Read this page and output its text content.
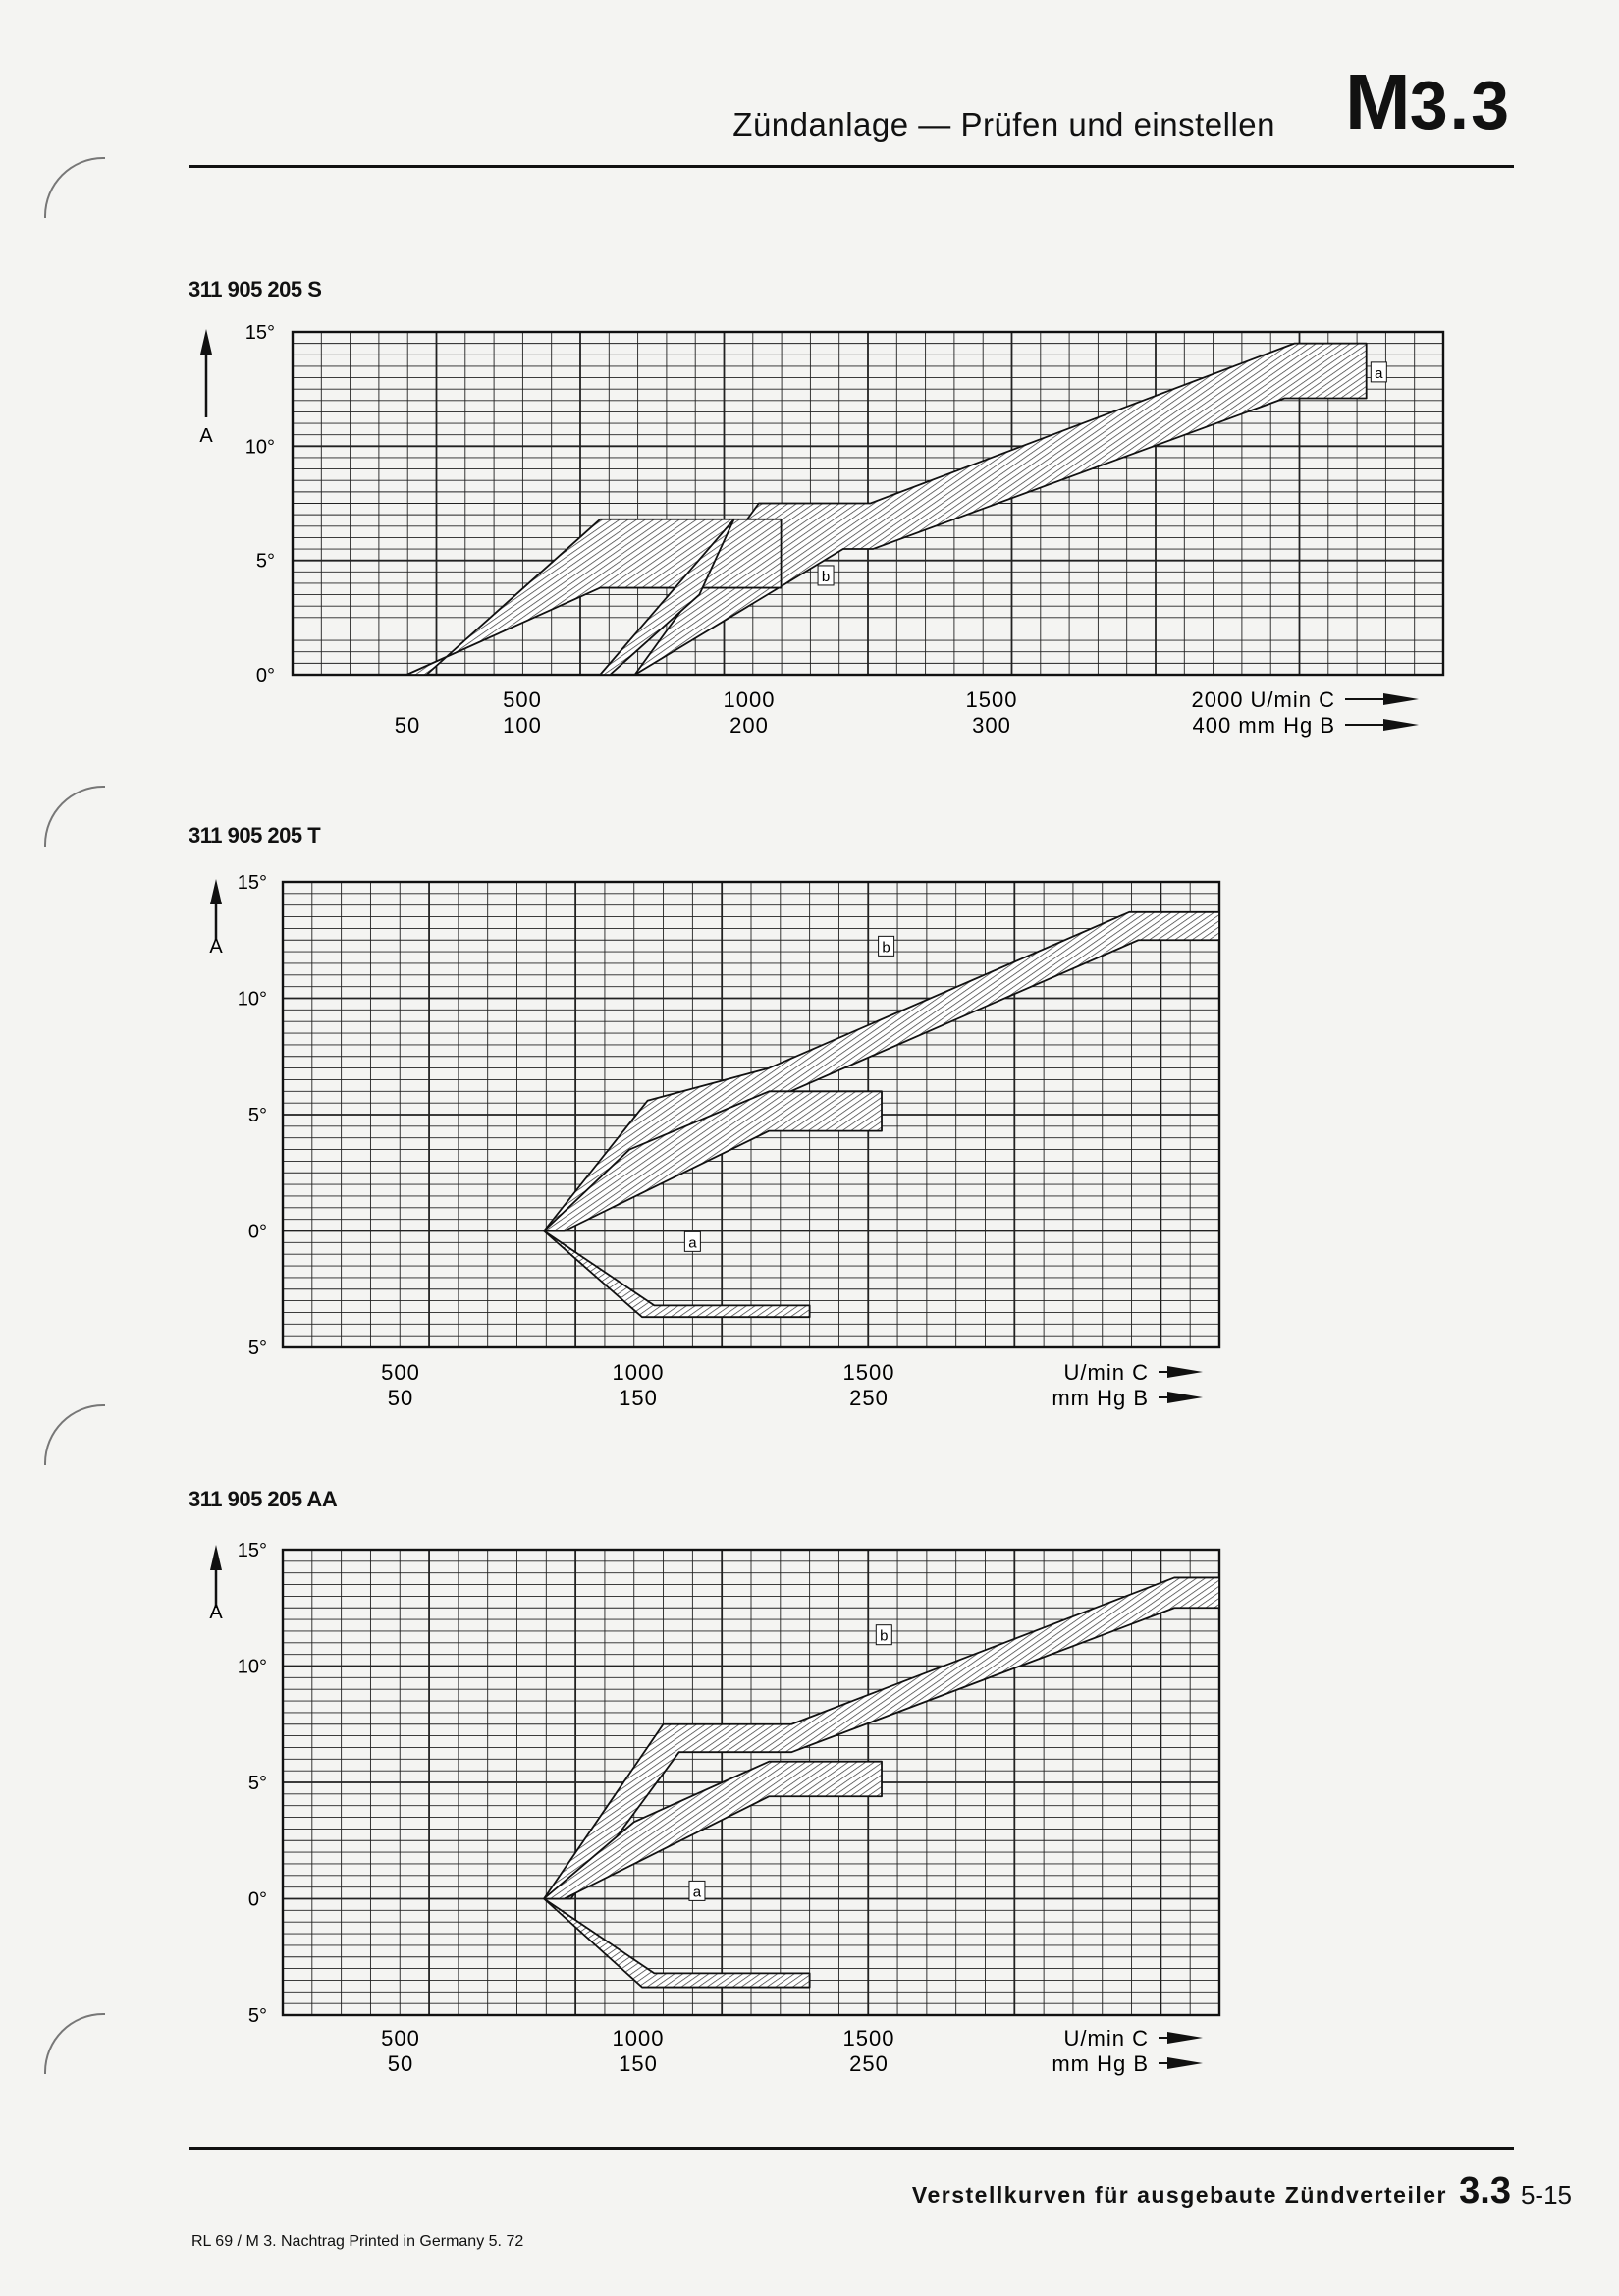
Zündanlage — Prüfen und einstellen M3.3
311 905 205 S
311 905 205 T
311 905 205 AA
a
b
0°
5°
10°
15°
A
500	1000	1500	2000 U/min C
50	100	200	300	400 mm Hg B
b
a
5°
0°
5°
10°
15°
A
500	1000	1500	U/min C
50	150	250	mm Hg B
b
a
5°
0°
5°
10°
15°
A
500	1000	1500	U/min C
50	150	250	mm Hg B
Verstellkurven für ausgebaute Zündverteiler 3.3 5-15
RL 69 / M 3. Nachtrag Printed in Germany 5. 72
